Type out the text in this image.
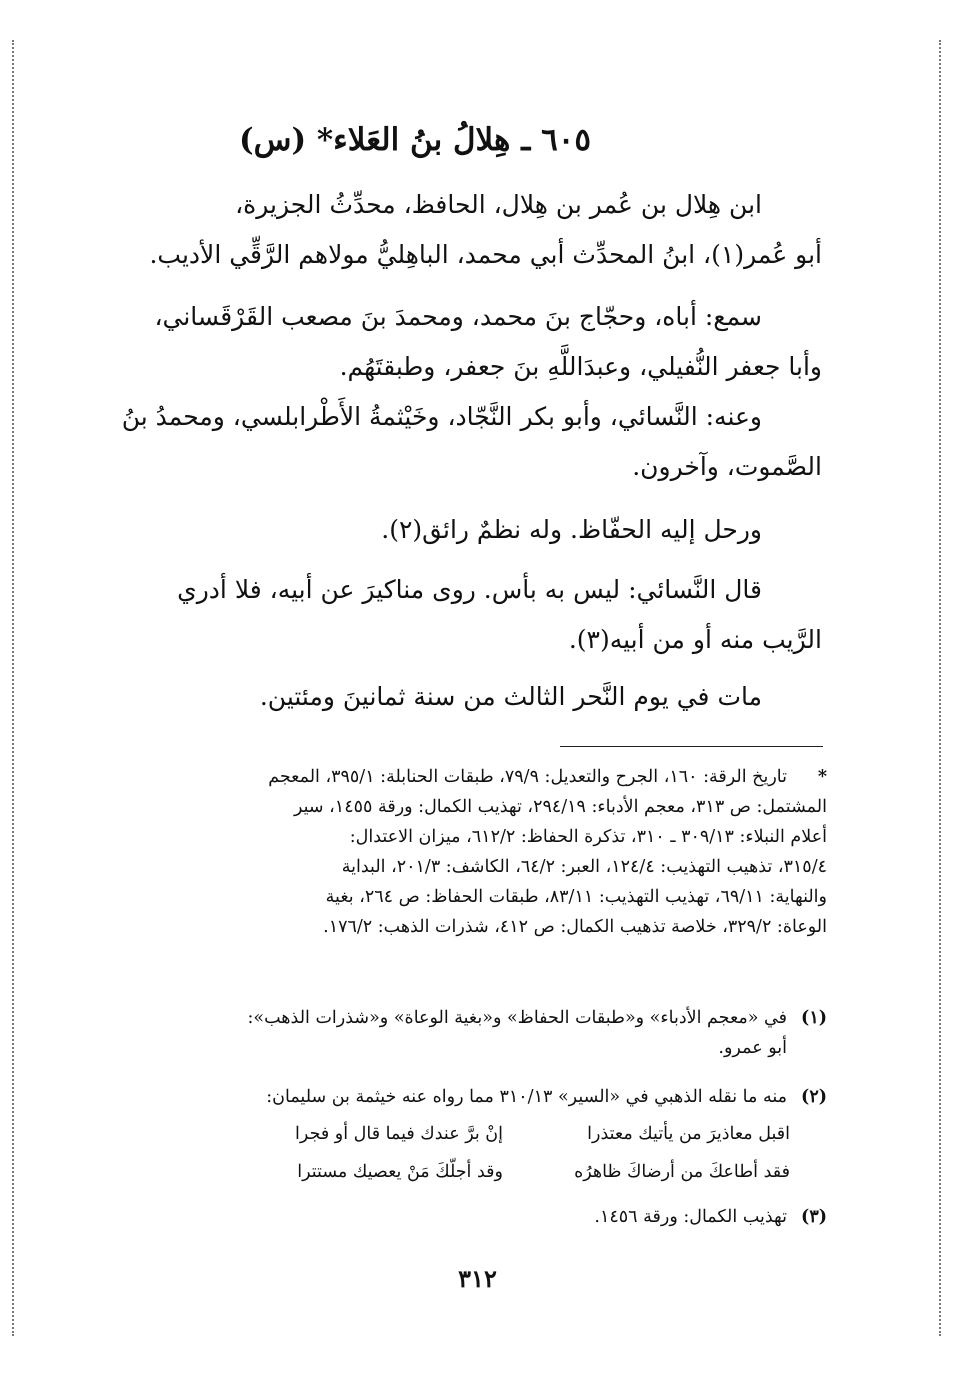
٦٠٥ ـ هِلالُ بنُ العَلاء* (س)
ابن هِلال بن عُمر بن هِلال، الحافظ، محدِّثُ الجزيرة،
أبو عُمر(١)، ابنُ المحدِّث أبي محمد، الباهِليُّ مولاهم الرَّقِّي الأديب.
سمع: أباه، وحجّاج بنَ محمد، ومحمدَ بنَ مصعب القَرْقَساني،
وأبا جعفر النُّفيلي، وعبدَاللَّهِ بنَ جعفر، وطبقتَهُم.
وعنه: النَّسائي، وأبو بكر النَّجّاد، وخَيْثمةُ الأَطْرابلسي، ومحمدُ بنُ
الصَّموت، وآخرون.
ورحل إليه الحفّاظ. وله نظمٌ رائق(٢).
قال النَّسائي: ليس به بأس. روى مناكيرَ عن أبيه، فلا أدري
الرَّيب منه أو من أبيه(٣).
مات في يوم النَّحر الثالث من سنة ثمانينَ ومئتين.
*تاريخ الرقة: ١٦٠، الجرح والتعديل: ٧٩/٩، طبقات الحنابلة: ٣٩٥/١، المعجم
المشتمل: ص ٣١٣، معجم الأدباء: ٢٩٤/١٩، تهذيب الكمال: ورقة ١٤٥٥، سير
أعلام النبلاء: ٣٠٩/١٣ ـ ٣١٠، تذكرة الحفاظ: ٦١٢/٢، ميزان الاعتدال:
٣١٥/٤، تذهيب التهذيب: ١٢٤/٤، العبر: ٦٤/٢، الكاشف: ٢٠١/٣، البداية
والنهاية: ٦٩/١١، تهذيب التهذيب: ٨٣/١١، طبقات الحفاظ: ص ٢٦٤، بغية
الوعاة: ٣٢٩/٢، خلاصة تذهيب الكمال: ص ٤١٢، شذرات الذهب: ١٧٦/٢.
(١)في «معجم الأدباء» و«طبقات الحفاظ» و«بغية الوعاة» و«شذرات الذهب»:
أبو عمرو.
(٢)منه ما نقله الذهبي في «السير» ٣١٠/١٣ مما رواه عنه خيثمة بن سليمان:
اقبل معاذيرَ من يأتيك معتذرا
إنْ برَّ عندك فيما قال أو فجرا
فقد أطاعكَ من أرضاكَ ظاهرُه
وقد أجلّكَ مَنْ يعصيك مستترا
(٣)تهذيب الكمال: ورقة ١٤٥٦.
٣١٢
